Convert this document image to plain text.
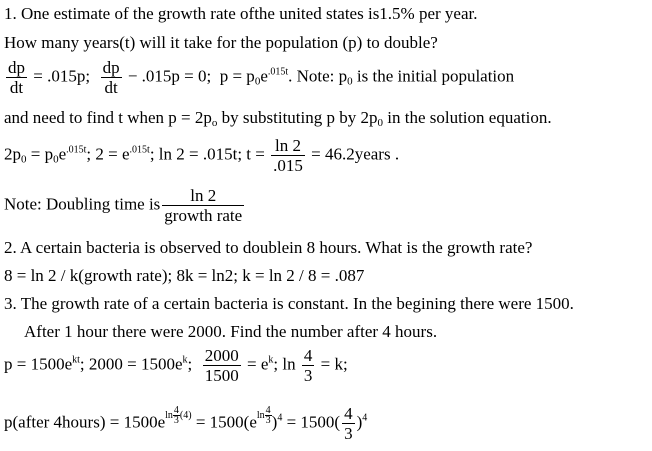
1. One estimate of the growth rate ofthe united states is1.5% per year.
How many years(t) will it take for the population (p) to double?
$\frac{dp}{dt} = .015p$; $\frac{dp}{dt} - .015p = 0$; $p = p_0e^{.015t}$. Note: $p_0$ is the initial population
and need to find t when $p = 2p_o$ by substituting p by $2p_0$ in the solution equation.
$2p_0 = p_0e^{.015t}$; $2 = e^{.015t}$; ln 2 = .015t; $t = \frac{\ln 2}{.015}$ = 46.2years .
Note: Doubling time is $\frac{\ln 2}{\text{growth rate}}$
2. A certain bacteria is observed to doublein 8 hours. What is the growth rate?
8 = ln 2 / k(growth rate); 8k = ln2; k = ln 2 / 8 = .087
3. The growth rate of a certain bacteria is constant. In the begining there were 1500.
After 1 hour there were 2000. Find the number after 4 hours.
$p = 1500e^{kt}$; $2000 = 1500e^k$; $\frac{2000}{1500} = e^k$; $\ln \frac{4}{3} = k$;
p(after 4hours) = $1500eln \frac{4}{3} (4) = 1500(eln \frac{4}{3} )^4 = 1500( \frac{4}{3} )^4$
